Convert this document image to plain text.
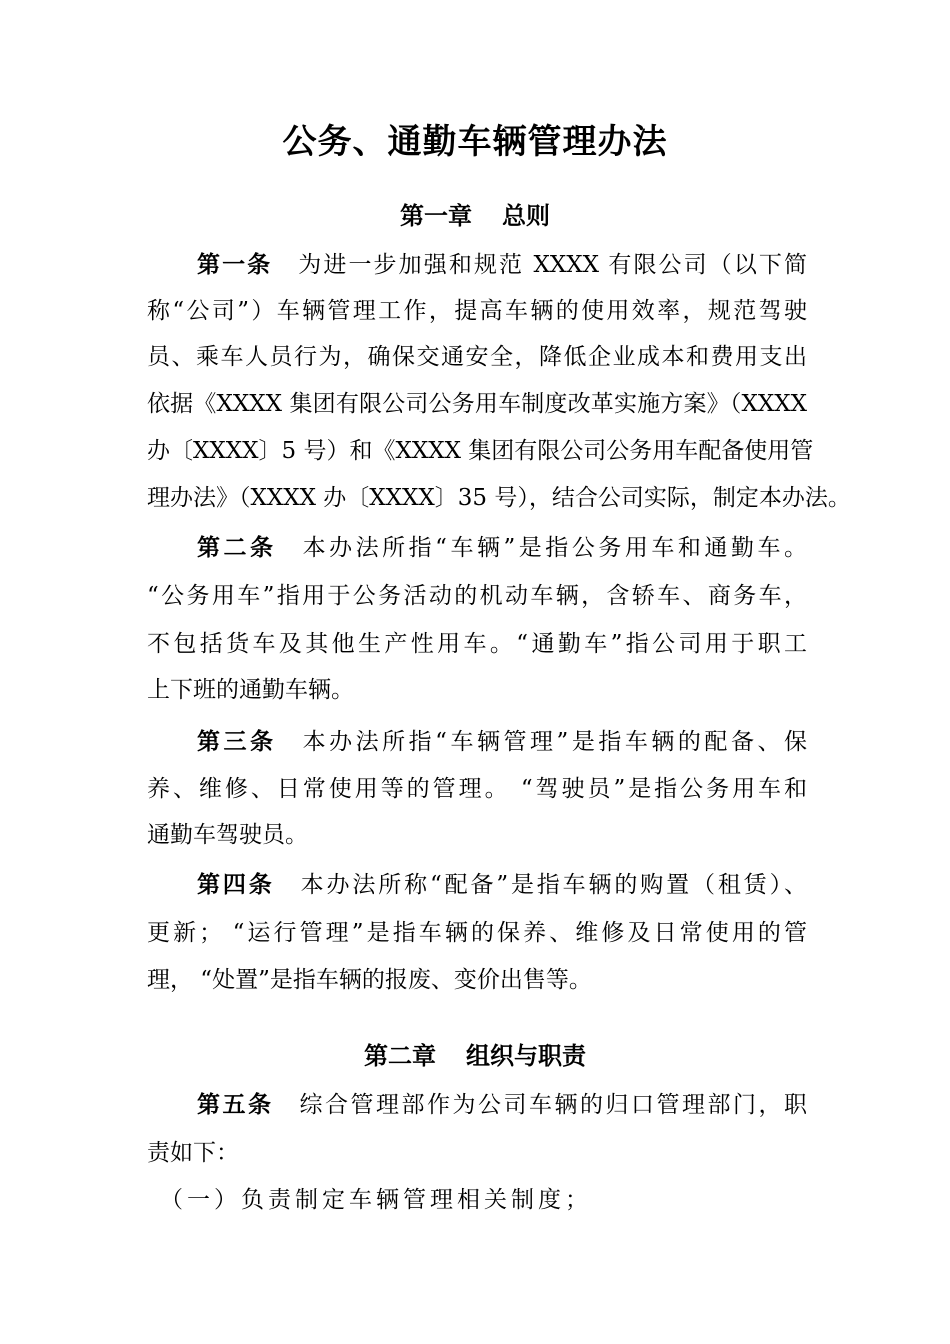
公务、通勤车辆管理办法
第一章 总则
第一条 为进一步加强和规范 XXXX 有限公司（以下简
称“公司”）车辆管理工作，提高车辆的使用效率，规范驾驶
员、乘车人员行为，确保交通安全，降低企业成本和费用支出
依据《XXXX 集团有限公司公务用车制度改革实施方案》（XXXX
办〔XXXX〕5 号）和《XXXX 集团有限公司公务用车配备使用管
理办法》（XXXX 办〔XXXX〕35 号），结合公司实际，制定本办法。
第二条 本办法所指“车辆”是指公务用车和通勤车。
“公务用车”指用于公务活动的机动车辆，含轿车、商务车，
不包括货车及其他生产性用车。“通勤车”指公司用于职工
上下班的通勤车辆。
第三条 本办法所指“车辆管理”是指车辆的配备、保
养、维修、日常使用等的管理。 “驾驶员”是指公务用车和
通勤车驾驶员。
第四条 本办法所称“配备”是指车辆的购置（租赁）、
更新； “运行管理”是指车辆的保养、维修及日常使用的管
理， “处置”是指车辆的报废、变价出售等。
第二章 组织与职责
第五条 综合管理部作为公司车辆的归口管理部门，职
责如下：
（一）负责制定车辆管理相关制度；
